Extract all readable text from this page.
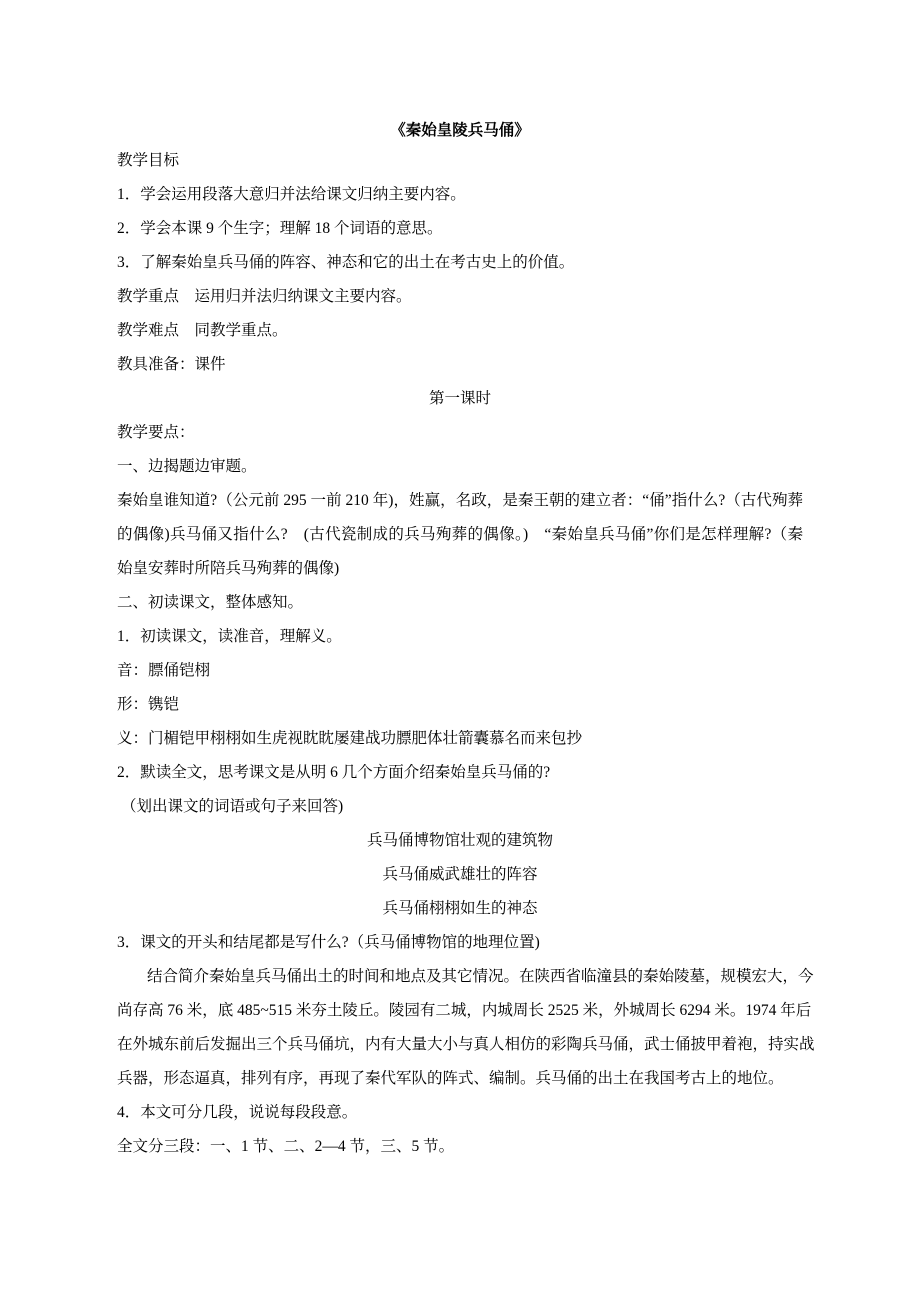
《秦始皇陵兵马俑》
教学目标
1．学会运用段落大意归并法给课文归纳主要内容。
2．学会本课 9 个生字；理解 18 个词语的意思。
3．了解秦始皇兵马俑的阵容、神态和它的出土在考古史上的价值。
教学重点　运用归并法归纳课文主要内容。
教学难点　同教学重点。
教具准备：课件
第一课时
教学要点：
一、边揭题边审题。
秦始皇谁知道?（公元前 295 一前 210 年)，姓赢，名政，是秦王朝的建立者：“俑”指什么?（古代殉葬
的偶像)兵马俑又指什么?　(古代瓷制成的兵马殉葬的偶像。)　“秦始皇兵马俑”你们是怎样理解?（秦
始皇安葬时所陪兵马殉葬的偶像)
二、初读课文，整体感知。
1．初读课文，读准音，理解义。
音：膘俑铠栩
形：镌铠
义：门楣铠甲栩栩如生虎视眈眈屡建战功膘肥体壮箭囊慕名而来包抄
2．默读全文，思考课文是从明 6 几个方面介绍秦始皇兵马俑的?
（划出课文的词语或句子来回答)
兵马俑博物馆壮观的建筑物
兵马俑威武雄壮的阵容
兵马俑栩栩如生的神态
3．课文的开头和结尾都是写什么?（兵马俑博物馆的地理位置)
结合简介秦始皇兵马俑出土的时间和地点及其它情况。在陕西省临潼县的秦始陵墓，规模宏大，今
尚存高 76 米，底 485~515 米夯土陵丘。陵园有二城，内城周长 2525 米，外城周长 6294 米。1974 年后
在外城东前后发掘出三个兵马俑坑，内有大量大小与真人相仿的彩陶兵马俑，武士俑披甲着袍，持实战
兵器，形态逼真，排列有序，再现了秦代军队的阵式、编制。兵马俑的出土在我国考古上的地位。
4．本文可分几段，说说每段段意。
全文分三段：一、1 节、二、2—4 节，三、5 节。
